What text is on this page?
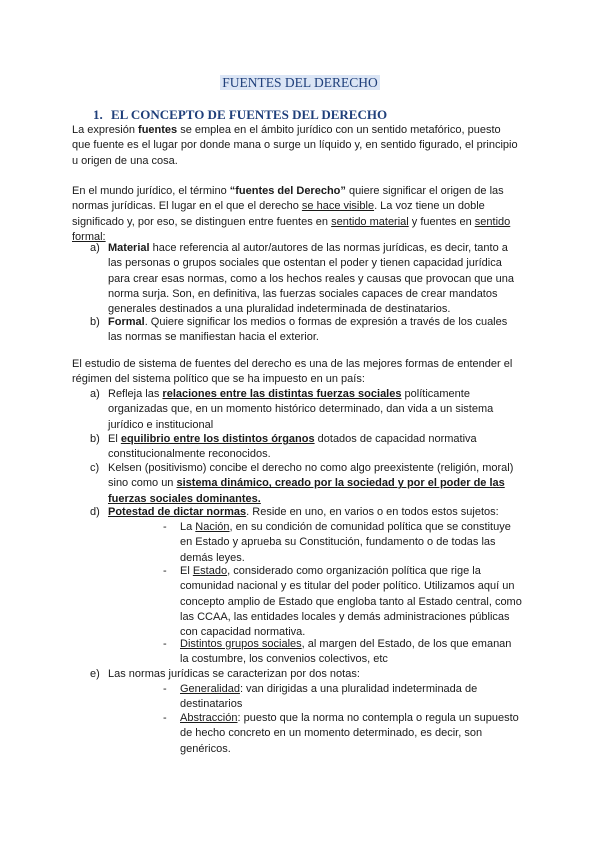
FUENTES DEL DERECHO
1. EL CONCEPTO DE FUENTES DEL DERECHO
La expresión fuentes se emplea en el ámbito jurídico con un sentido metafórico, puesto que fuente es el lugar por donde mana o surge un líquido y, en sentido figurado, el principio u origen de una cosa.
En el mundo jurídico, el término “fuentes del Derecho” quiere significar el origen de las normas jurídicas. El lugar en el que el derecho se hace visible. La voz tiene un doble significado y, por eso, se distinguen entre fuentes en sentido material y fuentes en sentido formal:
a) Material hace referencia al autor/autores de las normas jurídicas, es decir, tanto a las personas o grupos sociales que ostentan el poder y tienen capacidad jurídica para crear esas normas, como a los hechos reales y causas que provocan que una norma surja. Son, en definitiva, las fuerzas sociales capaces de crear mandatos generales destinados a una pluralidad indeterminada de destinatarios.
b) Formal. Quiere significar los medios o formas de expresión a través de los cuales las normas se manifiestan hacia el exterior.
El estudio de sistema de fuentes del derecho es una de las mejores formas de entender el régimen del sistema político que se ha impuesto en un país:
a) Refleja las relaciones entre las distintas fuerzas sociales políticamente organizadas que, en un momento histórico determinado, dan vida a un sistema jurídico e institucional
b) El equilibrio entre los distintos órganos dotados de capacidad normativa constitucionalmente reconocidos.
c) Kelsen (positivismo) concibe el derecho no como algo preexistente (religión, moral) sino como un sistema dinámico, creado por la sociedad y por el poder de las fuerzas sociales dominantes.
d) Potestad de dictar normas. Reside en uno, en varios o en todos estos sujetos:
- La Nación, en su condición de comunidad política que se constituye en Estado y aprueba su Constitución, fundamento o de todas las demás leyes.
- El Estado, considerado como organización política que rige la comunidad nacional y es titular del poder político. Utilizamos aquí un concepto amplio de Estado que engloba tanto al Estado central, como las CCAA, las entidades locales y demás administraciones públicas con capacidad normativa.
- Distintos grupos sociales, al margen del Estado, de los que emanan la costumbre, los convenios colectivos, etc
e) Las normas jurídicas se caracterizan por dos notas:
- Generalidad: van dirigidas a una pluralidad indeterminada de destinatarios
- Abstracción: puesto que la norma no contempla o regula un supuesto de hecho concreto en un momento determinado, es decir, son genéricos.
